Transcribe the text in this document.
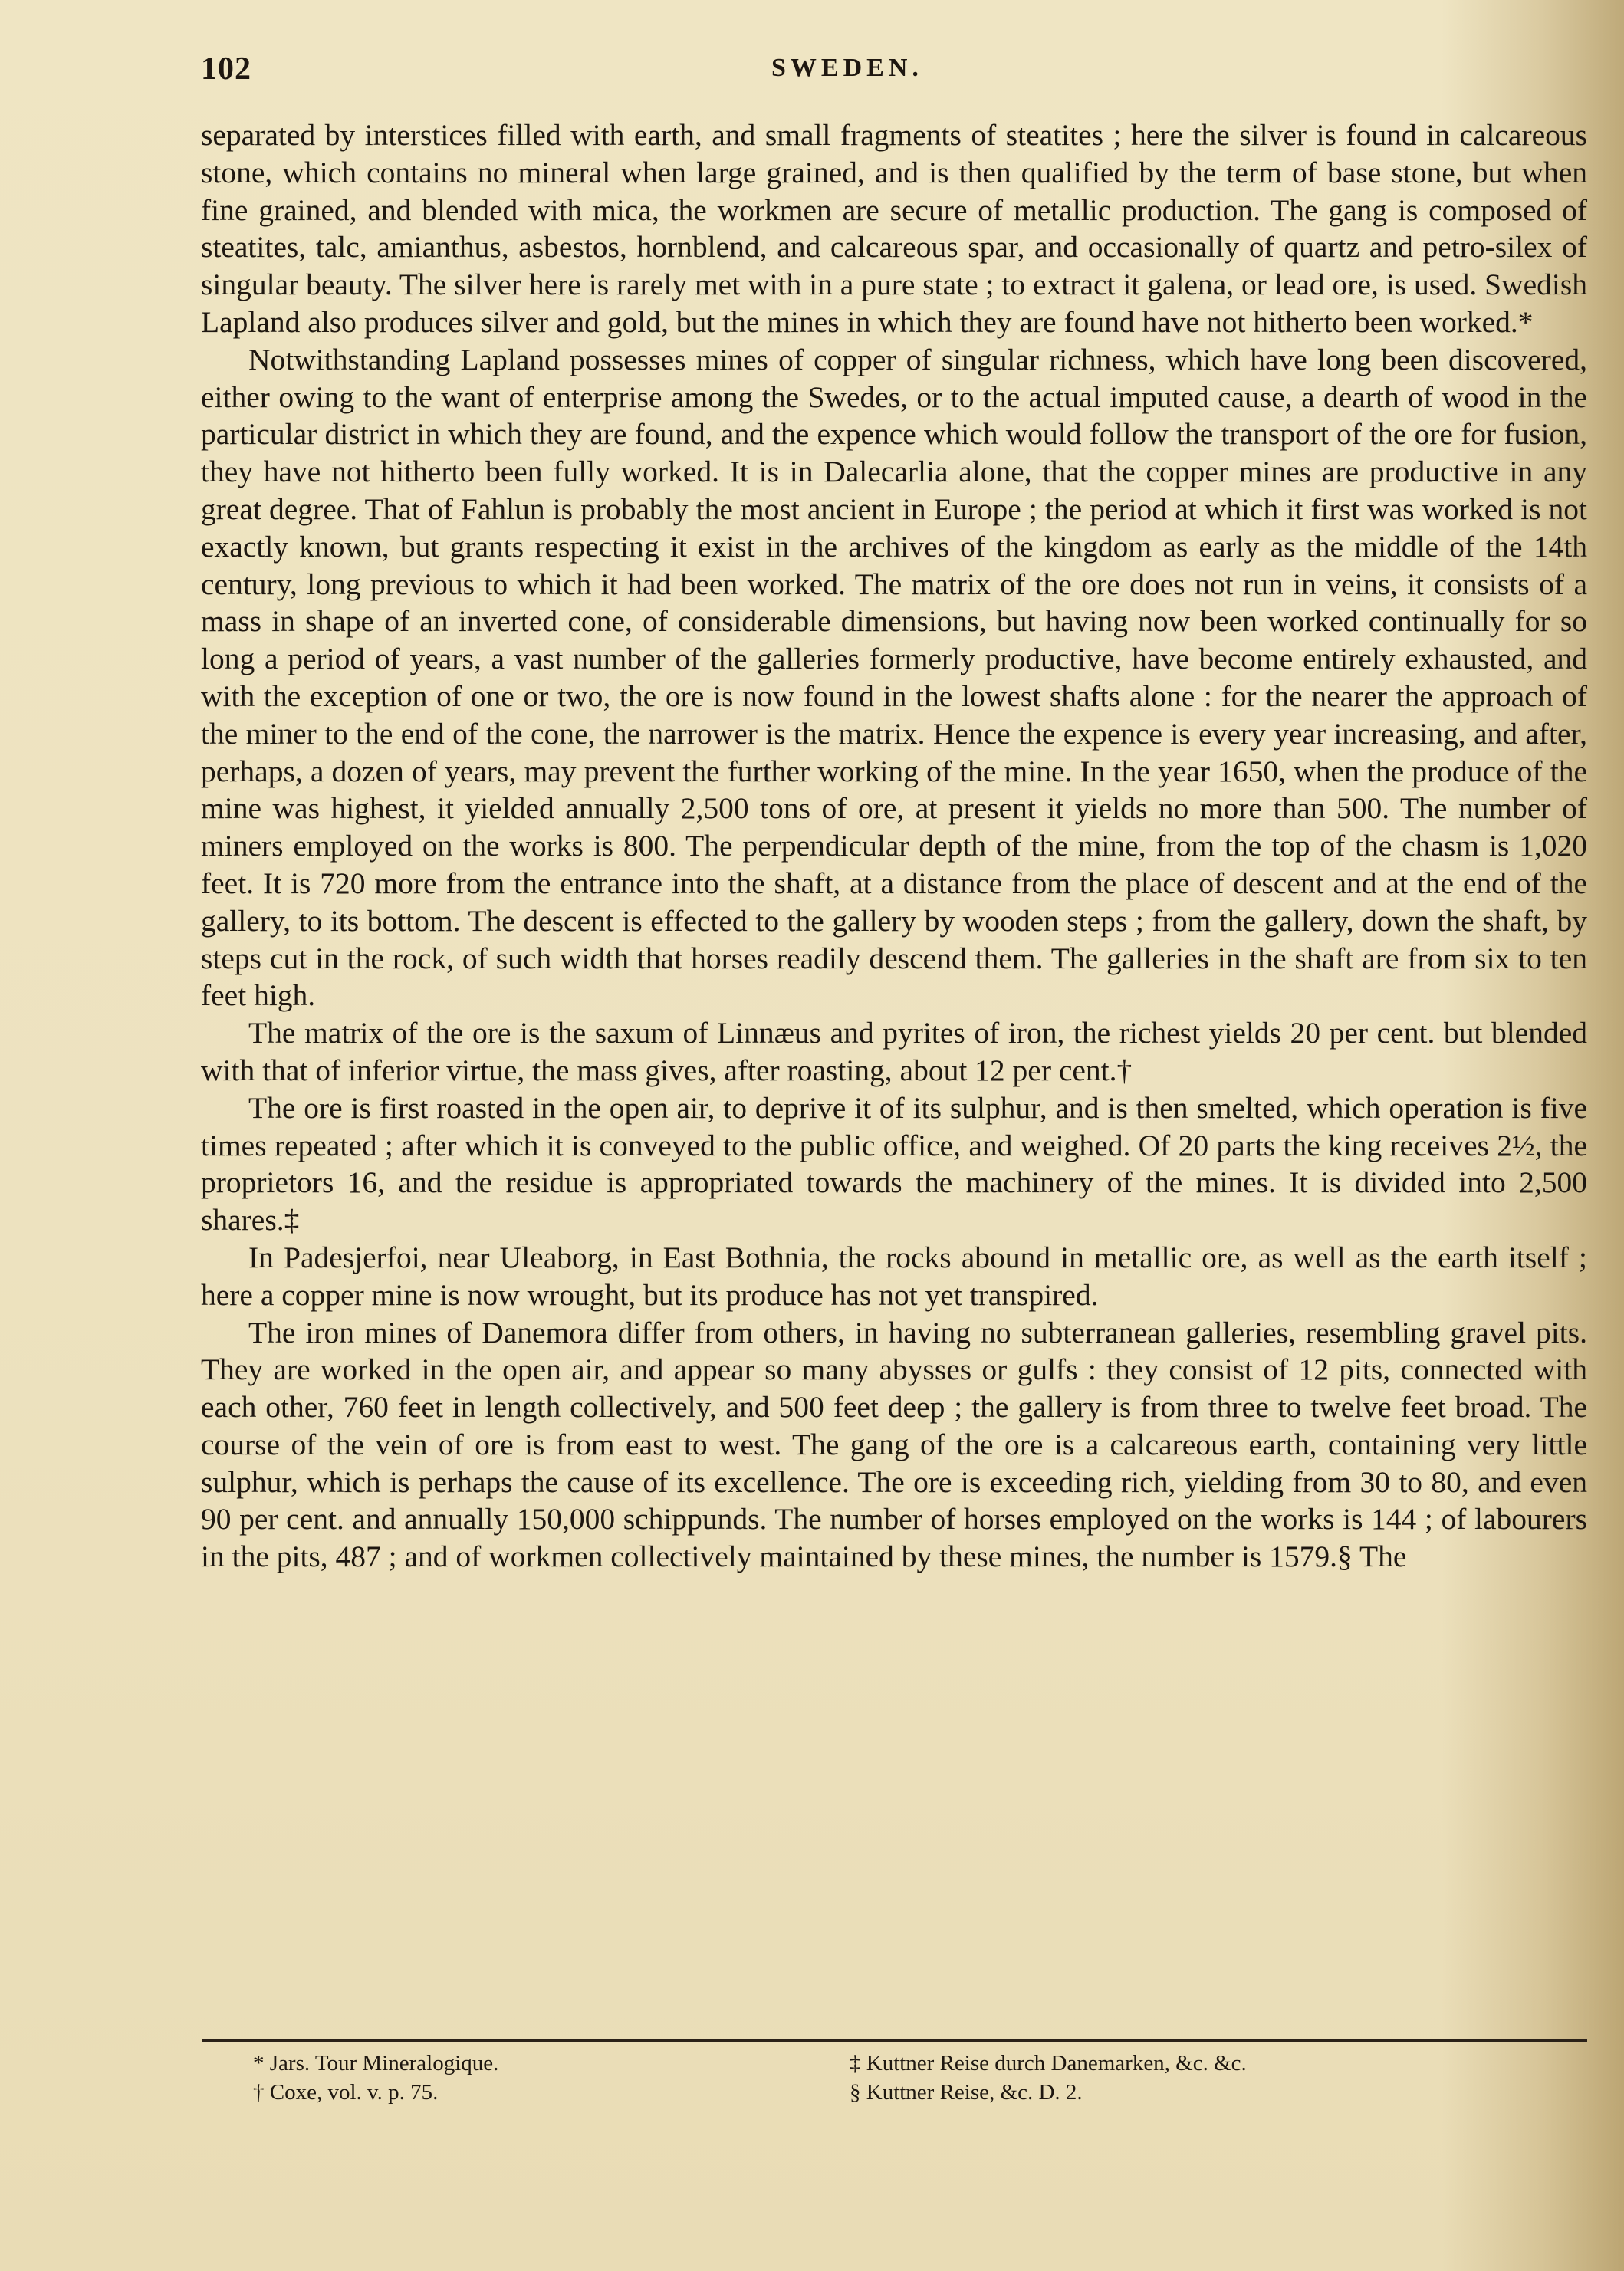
102	SWEDEN.

separated by interstices filled with earth, and small fragments of steatites ; here the silver is found in calcareous stone, which contains no mineral when large grained, and is then qualified by the term of base stone, but when fine grained, and blended with mica, the workmen are secure of metallic production. The gang is composed of steatites, talc, amianthus, asbestos, hornblend, and calcareous spar, and occasionally of quartz and petro-silex of singular beauty. The silver here is rarely met with in a pure state ; to extract it galena, or lead ore, is used. Swedish Lapland also produces silver and gold, but the mines in which they are found have not hitherto been worked.*

Notwithstanding Lapland possesses mines of copper of singular richness, which have long been discovered, either owing to the want of enterprise among the Swedes, or to the actual imputed cause, a dearth of wood in the particular district in which they are found, and the expence which would follow the transport of the ore for fusion, they have not hitherto been fully worked. It is in Dalecarlia alone, that the copper mines are productive in any great degree. That of Fahlun is probably the most ancient in Europe ; the period at which it first was worked is not exactly known, but grants respecting it exist in the archives of the kingdom as early as the middle of the 14th century, long previous to which it had been worked. The matrix of the ore does not run in veins, it consists of a mass in shape of an inverted cone, of considerable dimensions, but having now been worked continually for so long a period of years, a vast number of the galleries formerly productive, have become entirely exhausted, and with the exception of one or two, the ore is now found in the lowest shafts alone : for the nearer the approach of the miner to the end of the cone, the narrower is the matrix. Hence the expence is every year increasing, and after, perhaps, a dozen of years, may prevent the further working of the mine. In the year 1650, when the produce of the mine was highest, it yielded annually 2,500 tons of ore, at present it yields no more than 500. The number of miners employed on the works is 800. The perpendicular depth of the mine, from the top of the chasm is 1,020 feet. It is 720 more from the entrance into the shaft, at a distance from the place of descent and at the end of the gallery, to its bottom. The descent is effected to the gallery by wooden steps ; from the gallery, down the shaft, by steps cut in the rock, of such width that horses readily descend them. The galleries in the shaft are from six to ten feet high.

The matrix of the ore is the saxum of Linnæus and pyrites of iron, the richest yields 20 per cent. but blended with that of inferior virtue, the mass gives, after roasting, about 12 per cent.†

The ore is first roasted in the open air, to deprive it of its sulphur, and is then smelted, which operation is five times repeated ; after which it is conveyed to the public office, and weighed. Of 20 parts the king receives 2½, the proprietors 16, and the residue is appropriated towards the machinery of the mines. It is divided into 2,500 shares.‡

In Padesjerfoi, near Uleaborg, in East Bothnia, the rocks abound in metallic ore, as well as the earth itself ; here a copper mine is now wrought, but its produce has not yet transpired.

The iron mines of Danemora differ from others, in having no subterranean galleries, resembling gravel pits. They are worked in the open air, and appear so many abysses or gulfs : they consist of 12 pits, connected with each other, 760 feet in length collectively, and 500 feet deep ; the gallery is from three to twelve feet broad. The course of the vein of ore is from east to west. The gang of the ore is a calcareous earth, containing very little sulphur, which is perhaps the cause of its excellence. The ore is exceeding rich, yielding from 30 to 80, and even 90 per cent. and annually 150,000 schippunds. The number of horses employed on the works is 144 ; of labourers in the pits, 487 ; and of workmen collectively maintained by these mines, the number is 1579.§ The

* Jars. Tour Mineralogique.
† Coxe, vol. v. p. 75.
‡ Kuttner Reise durch Danemarken, &c. &c.
§ Kuttner Reise, &c. D. 2.
